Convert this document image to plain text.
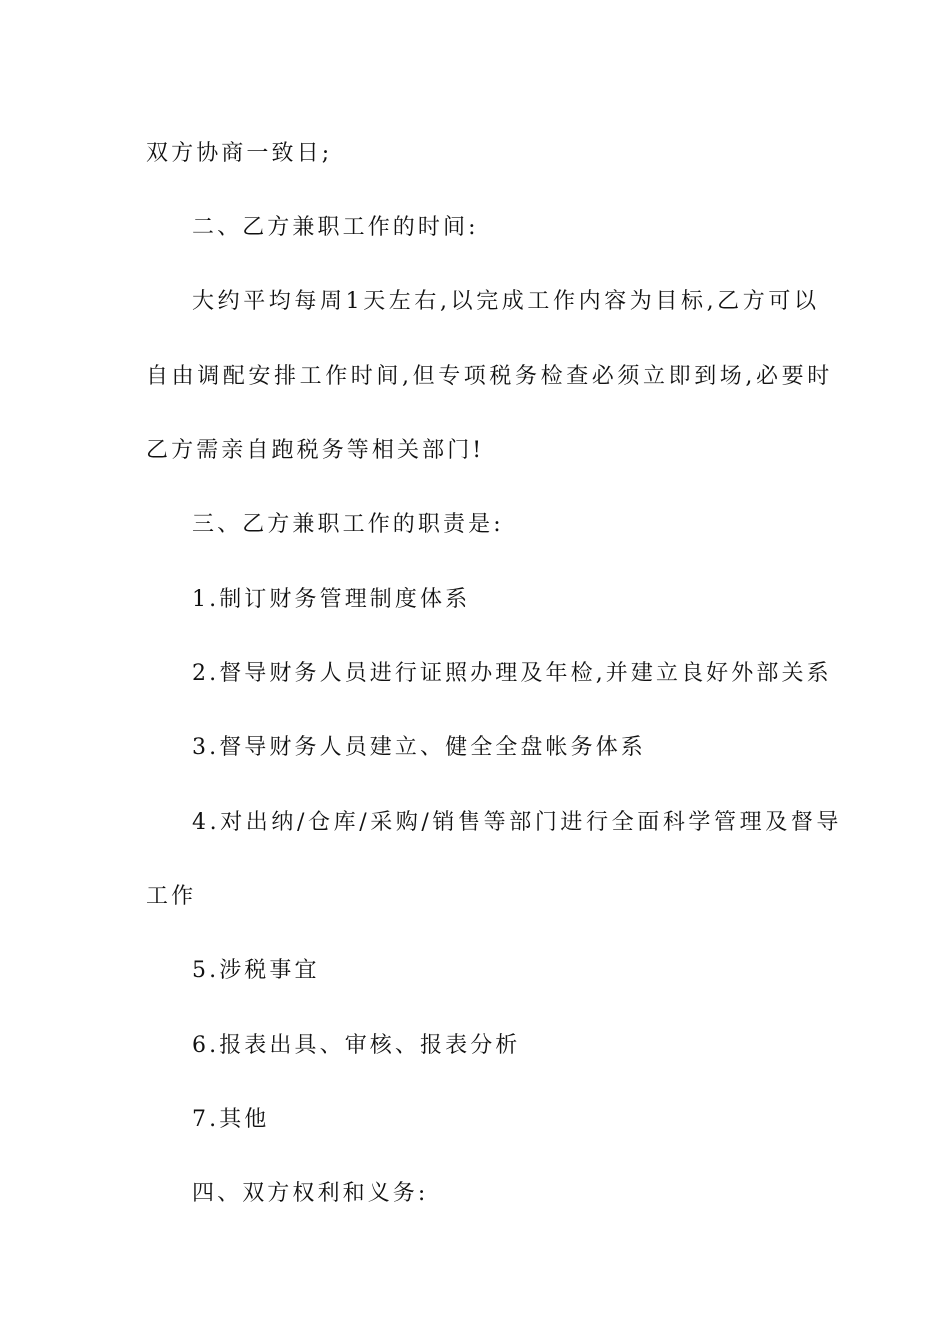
双方协商一致日;
二、乙方兼职工作的时间:
大约平均每周1天左右,以完成工作内容为目标,乙方可以
自由调配安排工作时间,但专项税务检查必须立即到场,必要时
乙方需亲自跑税务等相关部门!
三、乙方兼职工作的职责是:
1.制订财务管理制度体系
2.督导财务人员进行证照办理及年检,并建立良好外部关系
3.督导财务人员建立、健全全盘帐务体系
4.对出纳/仓库/采购/销售等部门进行全面科学管理及督导
工作
5.涉税事宜
6.报表出具、审核、报表分析
7.其他
四、双方权利和义务:
